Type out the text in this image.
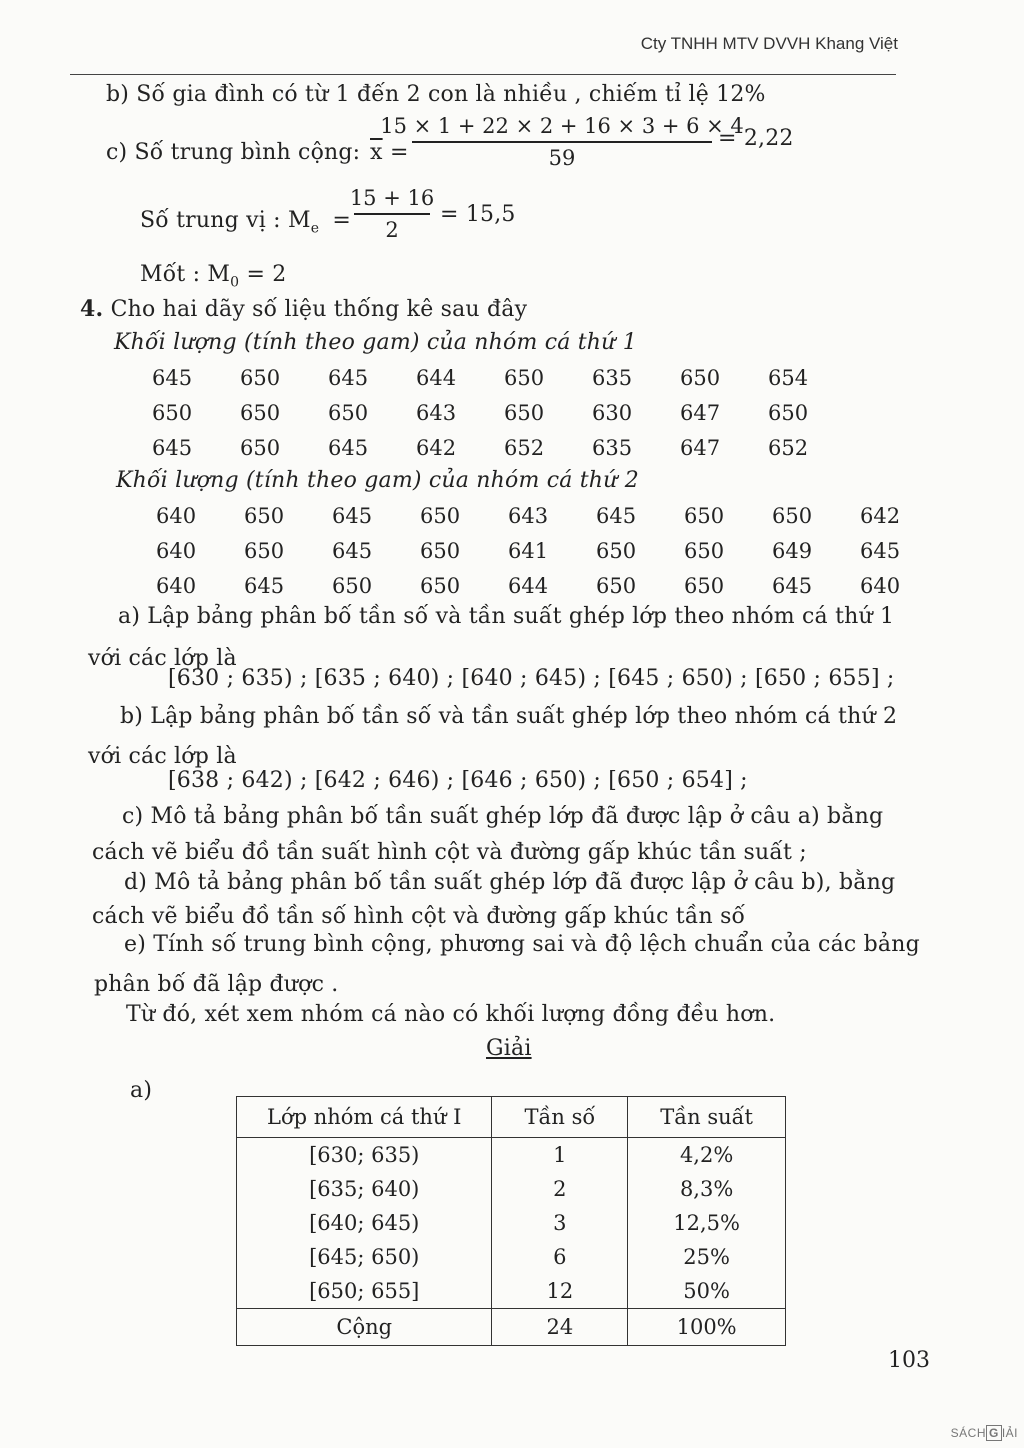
Cty TNHH MTV DVVH Khang Việt
b) Số gia đình có từ 1 đến 2 con là nhiều , chiếm tỉ lệ 12%
c) Số trung bình cộng: $\overline{x}$ =
15 × 1 + 22 × 2 + 16 × 3 + 6 × 4
59
= 2,22
Số trung vị : $M_e$ =
15 + 16
2
= 15,5
Mốt : $M_0 = 2$
4. Cho hai dãy số liệu thống kê sau đây
Khối lượng (tính theo gam) của nhóm cá thứ 1
645	650	645	644	650	635	650	654
650	650	650	643	650	630	647	650
645	650	645	642	652	635	647	652
Khối lượng (tính theo gam) của nhóm cá thứ 2
640	650	645	650	643	645	650	650	642
640	650	645	650	641	650	650	649	645
640	645	650	650	644	650	650	645	640
a) Lập bảng phân bố tần số và tần suất ghép lớp theo nhóm cá thứ 1
với các lớp là
[630 ; 635) ; [635 ; 640) ; [640 ; 645) ; [645 ; 650) ; [650 ; 655] ;
b) Lập bảng phân bố tần số và tần suất ghép lớp theo nhóm cá thứ 2
với các lớp là
[638 ; 642) ; [642 ; 646) ; [646 ; 650) ; [650 ; 654] ;
c) Mô tả bảng phân bố tần suất ghép lớp đã được lập ở câu a) bằng
cách vẽ biểu đồ tần suất hình cột và đường gấp khúc tần suất ;
d) Mô tả bảng phân bố tần suất ghép lớp đã được lập ở câu b), bằng
cách vẽ biểu đồ tần số hình cột và đường gấp khúc tần số
e) Tính số trung bình cộng, phương sai và độ lệch chuẩn của các bảng
phân bố đã lập được .
Từ đó, xét xem nhóm cá nào có khối lượng đồng đều hơn.
Giải
a)
Lớp nhóm cá thứ I	Tần số	Tần suất
[630; 635)	1	4,2%
[635; 640)	2	8,3%
[640; 645)	3	12,5%
[645; 650)	6	25%
[650; 655]	12	50%
Cộng	24	100%
103
SÁCH G IẢI
